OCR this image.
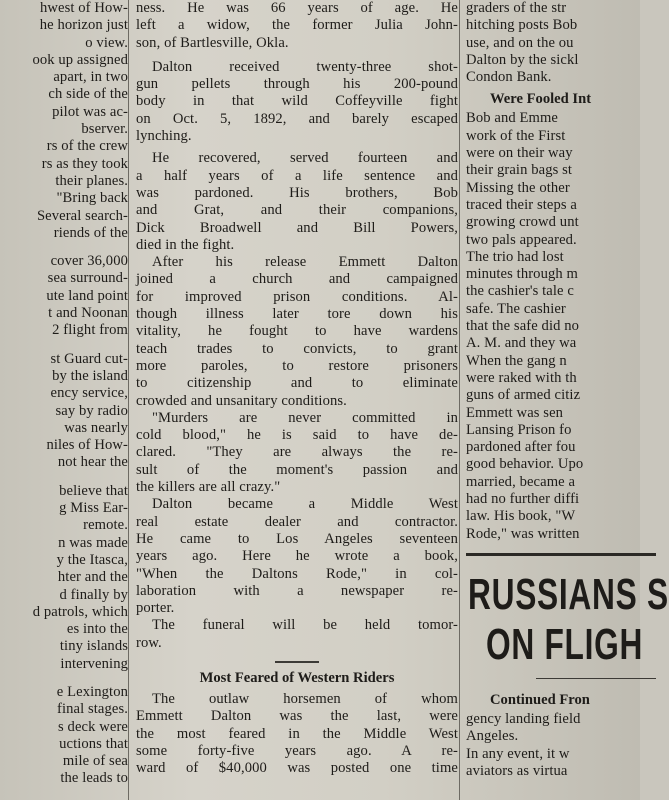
hwest of How-
he horizon just
o view.
ook up assigned
apart, in two
ch side of the
pilot was ac-
bserver.
rs of the crew
rs as they took
their planes.
"Bring back
Several search-
riends of the
cover 36,000
sea surround-
ute land point
t and Noonan
2 flight from
st Guard cut-
by the island
ency service,
say by radio
was nearly
niles of How-
not hear the
believe that
g Miss Ear-
remote.
n was made
y the Itasca,
hter and the
d finally by
d patrols, which
es into the
tiny islands
intervening
e Lexington
final stages.
s deck were
uctions that
mile of sea
the leads to
ness. He was 66 years of age. He
left a widow, the former Julia John-
son, of Bartlesville, Okla.
Dalton received twenty-three shot-
gun pellets through his 200-pound
body in that wild Coffeyville fight
on Oct. 5, 1892, and barely escaped
lynching.
He recovered, served fourteen and
a half years of a life sentence and
was pardoned. His brothers, Bob
and Grat, and their companions,
Dick Broadwell and Bill Powers,
died in the fight.
After his release Emmett Dalton
joined a church and campaigned
for improved prison conditions. Al-
though illness later tore down his
vitality, he fought to have wardens
teach trades to convicts, to grant
more paroles, to restore prisoners
to citizenship and to eliminate
crowded and unsanitary conditions.
"Murders are never committed in
cold blood," he is said to have de-
clared. "They are always the re-
sult of the moment's passion and
the killers are all crazy."
Dalton became a Middle West
real estate dealer and contractor.
He came to Los Angeles seventeen
years ago. Here he wrote a book,
"When the Daltons Rode," in col-
laboration with a newspaper re-
porter.
The funeral will be held tomor-
row.
Most Feared of Western Riders
The outlaw horsemen of whom
Emmett Dalton was the last, were
the most feared in the Middle West
some forty-five years ago. A re-
ward of $40,000 was posted one time
graders of the str
hitching posts Bob
use, and on the ou
Dalton by the sickl
Condon Bank.
Were Fooled Int
Bob and Emme
work of the First
were on their way
their grain bags st
Missing the other
traced their steps a
growing crowd unt
two pals appeared.
The trio had lost
minutes through m
the cashier's tale c
safe. The cashier
that the safe did no
A. M. and they wa
When the gang n
were raked with th
guns of armed citiz
Emmett was sen
Lansing Prison fo
pardoned after fou
good behavior. Upo
married, became a
had no further diffi
law. His book, "W
Rode," was written
RUSSIANS S
ON FLIGH
Continued Fron
gency landing field
Angeles.
In any event, it w
aviators as virtua
